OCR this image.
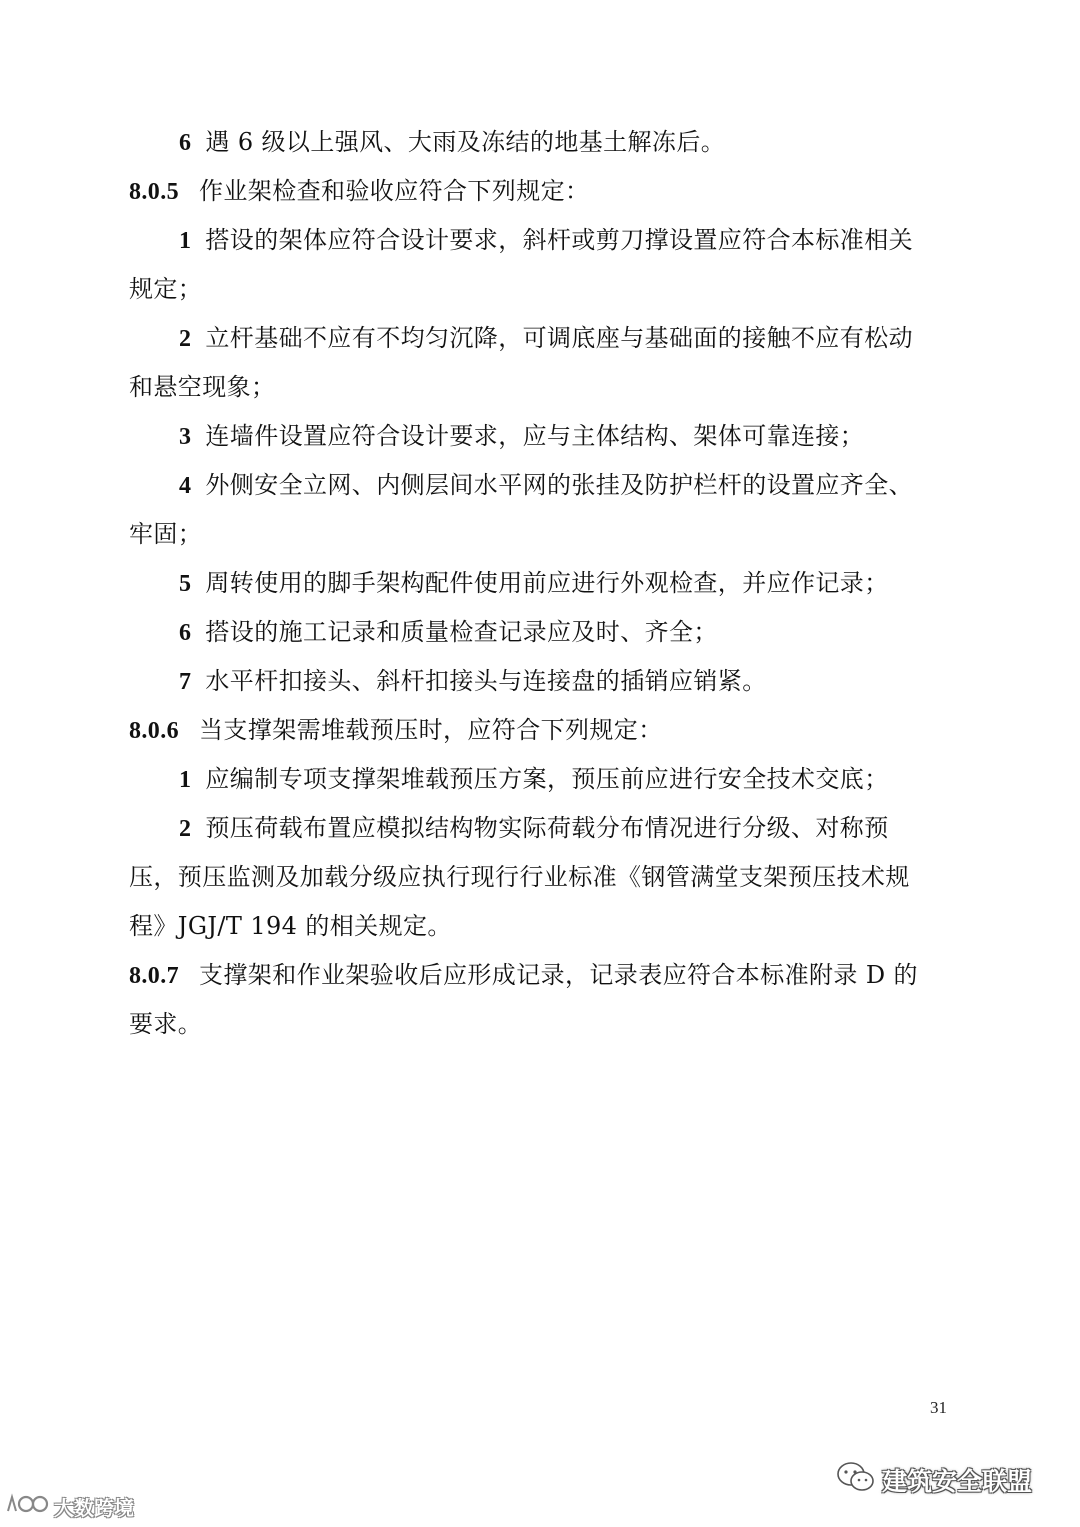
6 遇 6 级以上强风、大雨及冻结的地基土解冻后。
8.0.5 作业架检查和验收应符合下列规定：
1 搭设的架体应符合设计要求，斜杆或剪刀撑设置应符合本标准相关
规定；
2 立杆基础不应有不均匀沉降，可调底座与基础面的接触不应有松动
和悬空现象；
3 连墙件设置应符合设计要求，应与主体结构、架体可靠连接；
4 外侧安全立网、内侧层间水平网的张挂及防护栏杆的设置应齐全、
牢固；
5 周转使用的脚手架构配件使用前应进行外观检查，并应作记录；
6 搭设的施工记录和质量检查记录应及时、齐全；
7 水平杆扣接头、斜杆扣接头与连接盘的插销应销紧。
8.0.6 当支撑架需堆载预压时，应符合下列规定：
1 应编制专项支撑架堆载预压方案，预压前应进行安全技术交底；
2 预压荷载布置应模拟结构物实际荷载分布情况进行分级、对称预
压，预压监测及加载分级应执行现行行业标准《钢管满堂支架预压技术规
程》JGJ/T 194 的相关规定。
8.0.7 支撑架和作业架验收后应形成记录，记录表应符合本标准附录 D 的
要求。
31
建筑安全联盟
大数跨境
